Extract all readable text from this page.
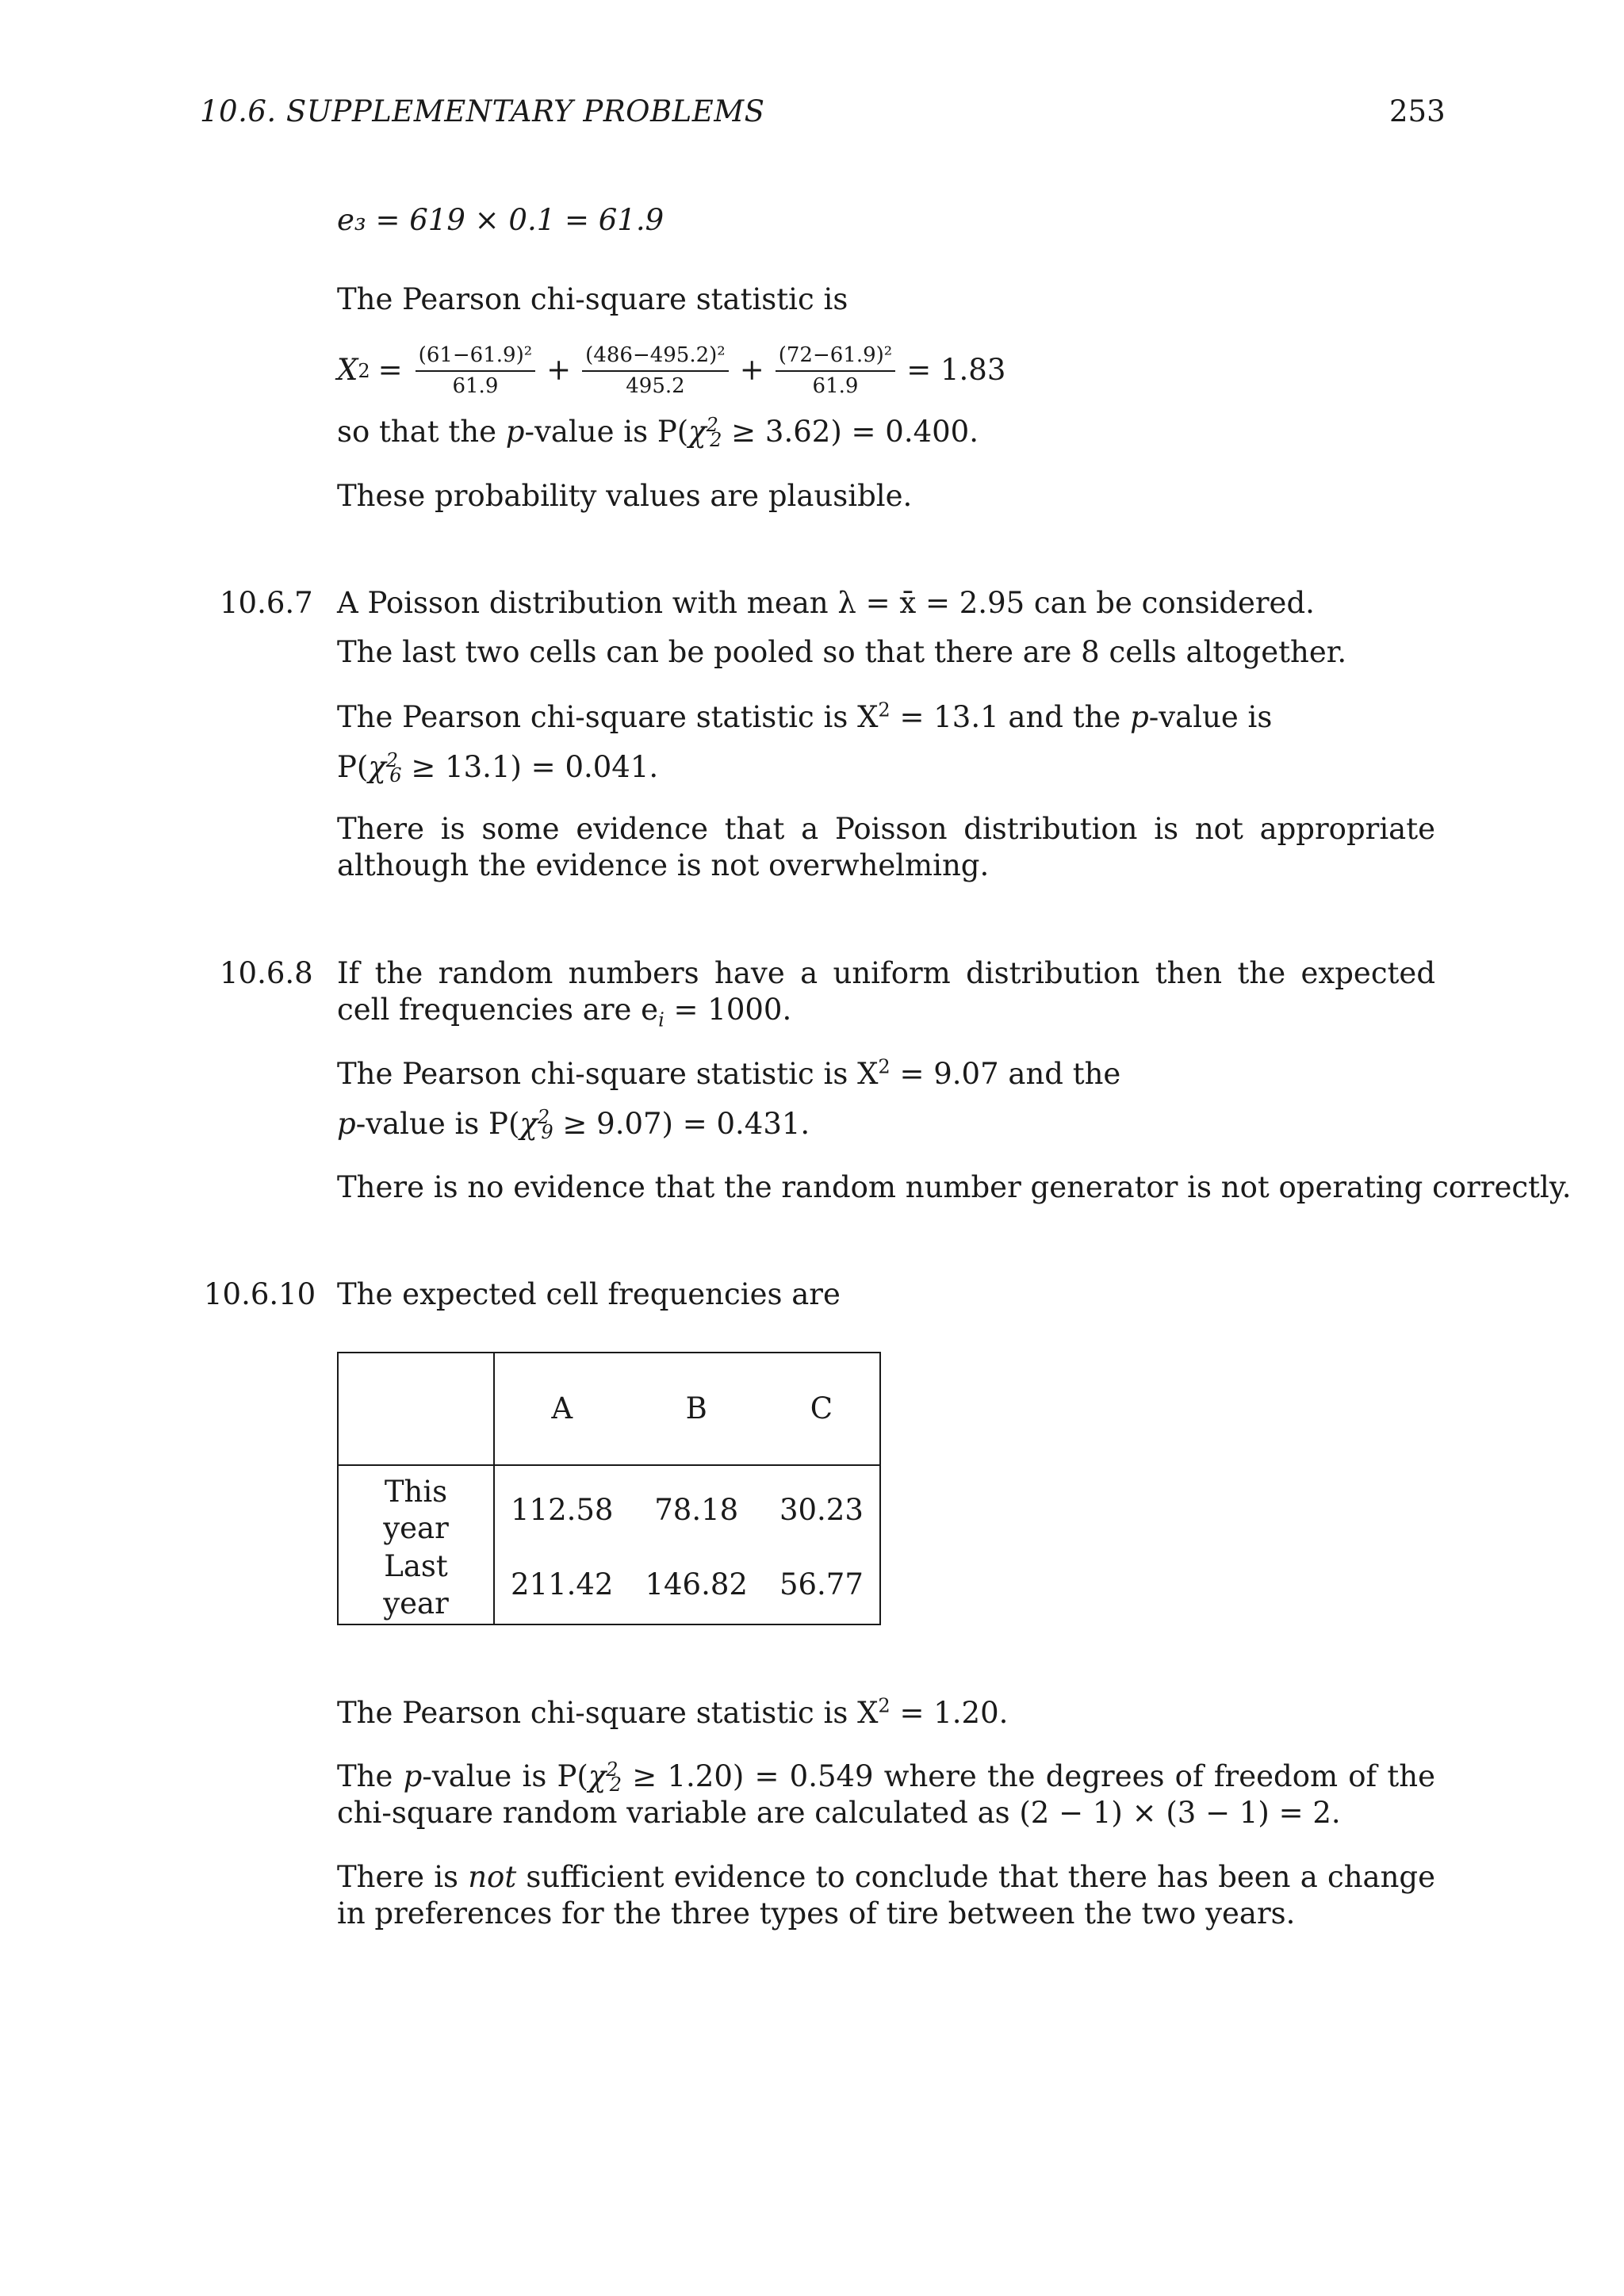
10.6. SUPPLEMENTARY PROBLEMS	253
e₃ = 619 × 0.1 = 61.9
The Pearson chi-square statistic is
X $2 = \frac{\text{(61−61.9)²}}{61.9} + \frac{\text{(486−495.2)²}}{495.2} + \frac{\text{(72−61.9)²}}{61.9} = 1.83$
so that the p-value is $P(\chi^22 \ge 3.62) = 0.400$.
These probability values are plausible.
10.6.7 A Poisson distribution with mean λ = x̄ = 2.95 can be considered.
The last two cells can be pooled so that there are 8 cells altogether.
The Pearson chi-square statistic is $X^2 = 13.1$ and the p-value is
$P(\chi^26 \ge 13.1) = 0.041$.
There is some evidence that a Poisson distribution is not appropriate although the evidence is not overwhelming.
10.6.8 If the random numbers have a uniform distribution then the expected cell frequencies are $e_i = 1000$.
The Pearson chi-square statistic is $X^2 = 9.07$ and the
p-value is $P(\chi^29 \ge 9.07) = 0.431$.
There is no evidence that the random number generator is not operating correctly.
10.6.10 The expected cell frequencies are
	A	B	C
This year	112.58	78.18	30.23
Last year	211.42	146.82	56.77
The Pearson chi-square statistic is $X^2 = 1.20$.
The p-value is $P(\chi^22 \ge 1.20) = 0.549$ where the degrees of freedom of the chi-square random variable are calculated as (2 − 1) × (3 − 1) = 2.
There is not sufficient evidence to conclude that there has been a change in preferences for the three types of tire between the two years.
